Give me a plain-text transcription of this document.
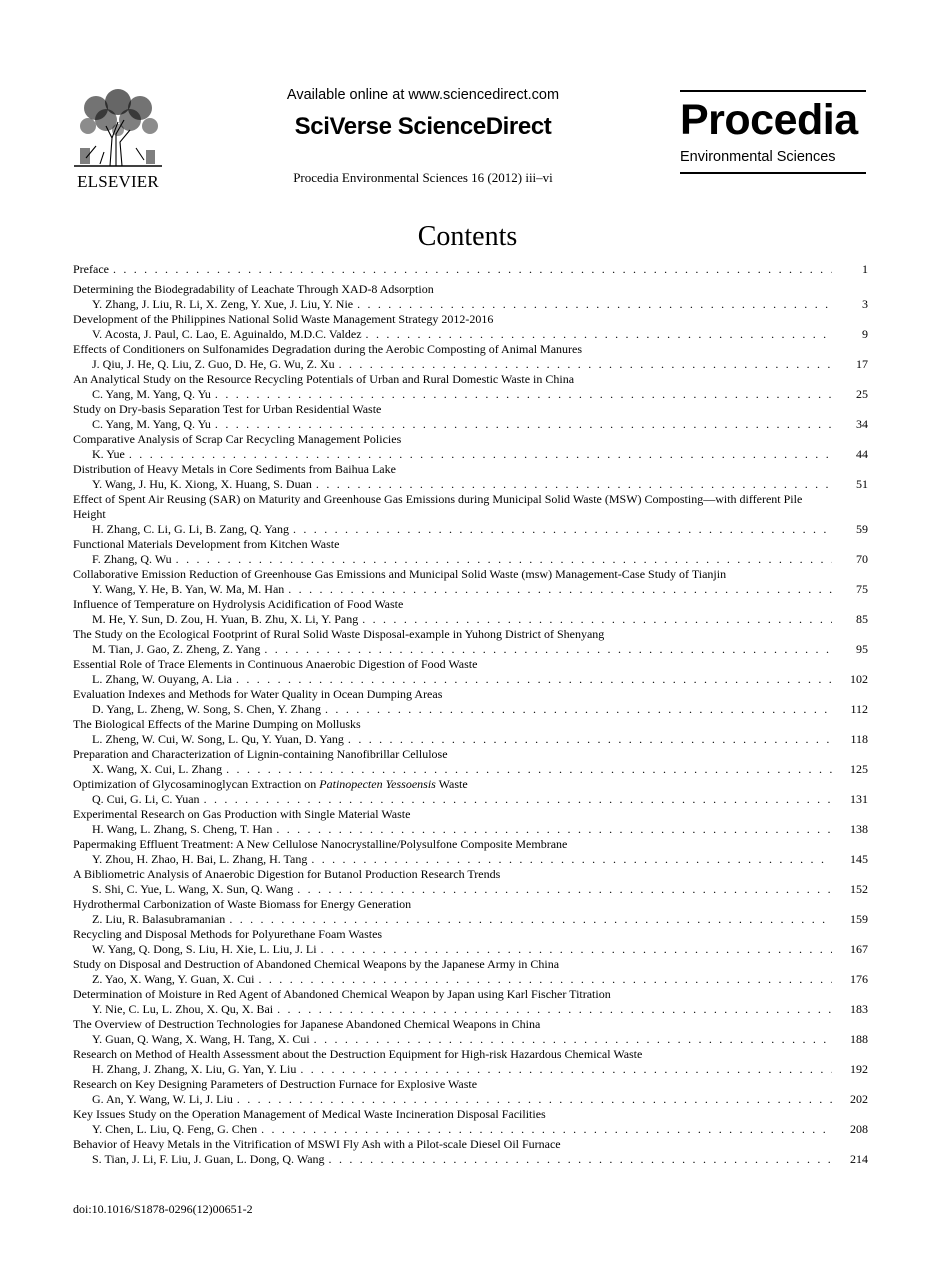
ELSEVIER
Available online at www.sciencedirect.com
SciVerse ScienceDirect
Procedia Environmental Sciences 16 (2012) iii–vi
Procedia
Environmental Sciences
Contents
Preface . . .	1
Determining the Biodegradability of Leachate Through XAD-8 Adsorption
Y. Zhang, J. Liu, R. Li, X. Zeng, Y. Xue, J. Liu, Y. Nie . . .	3
Development of the Philippines National Solid Waste Management Strategy 2012-2016
V. Acosta, J. Paul, C. Lao, E. Aguinaldo, M.D.C. Valdez . . .	9
Effects of Conditioners on Sulfonamides Degradation during the Aerobic Composting of Animal Manures
J. Qiu, J. He, Q. Liu, Z. Guo, D. He, G. Wu, Z. Xu . . .	17
An Analytical Study on the Resource Recycling Potentials of Urban and Rural Domestic Waste in China
C. Yang, M. Yang, Q. Yu . . .	25
Study on Dry-basis Separation Test for Urban Residential Waste
C. Yang, M. Yang, Q. Yu . . .	34
Comparative Analysis of Scrap Car Recycling Management Policies
K. Yue . . .	44
Distribution of Heavy Metals in Core Sediments from Baihua Lake
Y. Wang, J. Hu, K. Xiong, X. Huang, S. Duan . . .	51
Effect of Spent Air Reusing (SAR) on Maturity and Greenhouse Gas Emissions during Municipal Solid Waste (MSW) Composting—with different Pile Height
H. Zhang, C. Li, G. Li, B. Zang, Q. Yang . . .	59
Functional Materials Development from Kitchen Waste
F. Zhang, Q. Wu . . .	70
Collaborative Emission Reduction of Greenhouse Gas Emissions and Municipal Solid Waste (msw) Management-Case Study of Tianjin
Y. Wang, Y. He, B. Yan, W. Ma, M. Han . . .	75
Influence of Temperature on Hydrolysis Acidification of Food Waste
M. He, Y. Sun, D. Zou, H. Yuan, B. Zhu, X. Li, Y. Pang . . .	85
The Study on the Ecological Footprint of Rural Solid Waste Disposal-example in Yuhong District of Shenyang
M. Tian, J. Gao, Z. Zheng, Z. Yang . . .	95
Essential Role of Trace Elements in Continuous Anaerobic Digestion of Food Waste
L. Zhang, W. Ouyang, A. Lia . . .	102
Evaluation Indexes and Methods for Water Quality in Ocean Dumping Areas
D. Yang, L. Zheng, W. Song, S. Chen, Y. Zhang . . .	112
The Biological Effects of the Marine Dumping on Mollusks
L. Zheng, W. Cui, W. Song, L. Qu, Y. Yuan, D. Yang . . .	118
Preparation and Characterization of Lignin-containing Nanofibrillar Cellulose
X. Wang, X. Cui, L. Zhang . . .	125
Optimization of Glycosaminoglycan Extraction on Patinopecten Yessoensis Waste
Q. Cui, G. Li, C. Yuan . . .	131
Experimental Research on Gas Production with Single Material Waste
H. Wang, L. Zhang, S. Cheng, T. Han . . .	138
Papermaking Effluent Treatment: A New Cellulose Nanocrystalline/Polysulfone Composite Membrane
Y. Zhou, H. Zhao, H. Bai, L. Zhang, H. Tang . . .	145
A Bibliometric Analysis of Anaerobic Digestion for Butanol Production Research Trends
S. Shi, C. Yue, L. Wang, X. Sun, Q. Wang . . .	152
Hydrothermal Carbonization of Waste Biomass for Energy Generation
Z. Liu, R. Balasubramanian . . .	159
Recycling and Disposal Methods for Polyurethane Foam Wastes
W. Yang, Q. Dong, S. Liu, H. Xie, L. Liu, J. Li . . .	167
Study on Disposal and Destruction of Abandoned Chemical Weapons by the Japanese Army in China
Z. Yao, X. Wang, Y. Guan, X. Cui . . .	176
Determination of Moisture in Red Agent of Abandoned Chemical Weapon by Japan using Karl Fischer Titration
Y. Nie, C. Lu, L. Zhou, X. Qu, X. Bai . . .	183
The Overview of Destruction Technologies for Japanese Abandoned Chemical Weapons in China
Y. Guan, Q. Wang, X. Wang, H. Tang, X. Cui . . .	188
Research on Method of Health Assessment about the Destruction Equipment for High-risk Hazardous Chemical Waste
H. Zhang, J. Zhang, X. Liu, G. Yan, Y. Liu . . .	192
Research on Key Designing Parameters of Destruction Furnace for Explosive Waste
G. An, Y. Wang, W. Li, J. Liu . . .	202
Key Issues Study on the Operation Management of Medical Waste Incineration Disposal Facilities
Y. Chen, L. Liu, Q. Feng, G. Chen . . .	208
Behavior of Heavy Metals in the Vitrification of MSWI Fly Ash with a Pilot-scale Diesel Oil Furnace
S. Tian, J. Li, F. Liu, J. Guan, L. Dong, Q. Wang . . .	214
doi:10.1016/S1878-0296(12)00651-2
